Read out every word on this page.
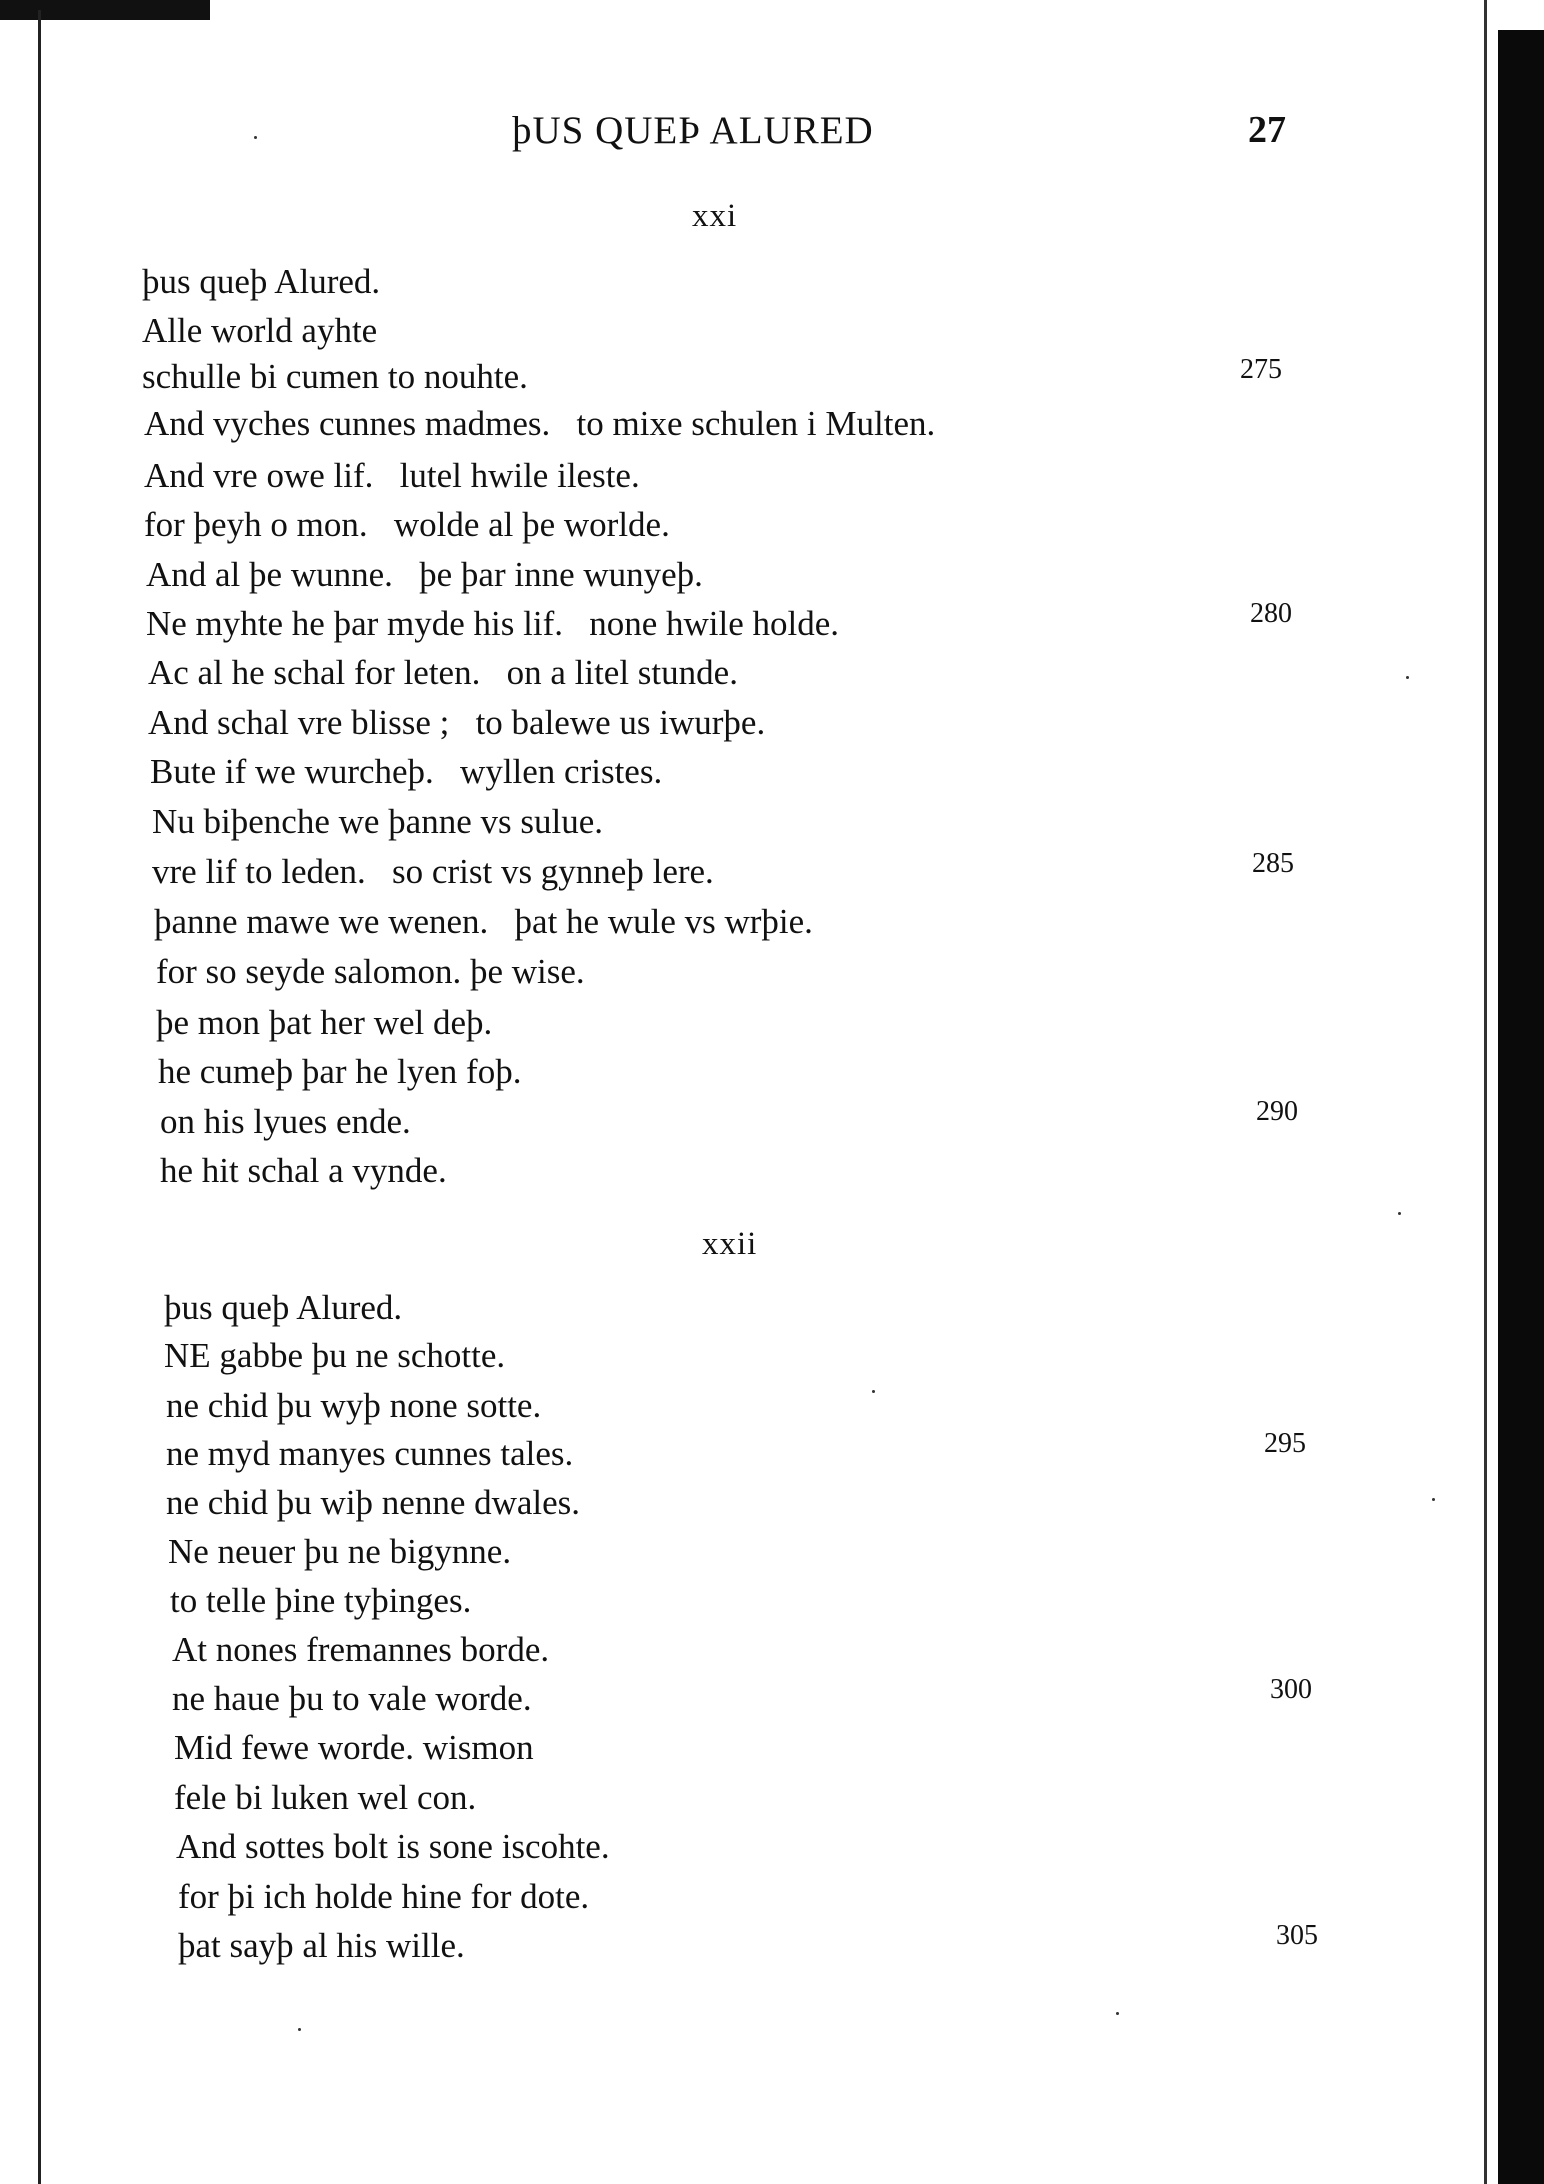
þUS QUEÞ ALURED	27
xxi
þus queþ Alured.
Alle world ayhte
schulle bi cumen to nouhte.
And vyches cunnes madmes.   to mixe schulen i Multen.
And vre owe lif.   lutel hwile ileste.
for þeyh o mon.   wolde al þe worlde.
And al þe wunne.   þe þar inne wunyeþ.
Ne myhte he þar myde his lif.   none hwile holde.
Ac al he schal for leten.   on a litel stunde.
And schal vre blisse ;   to balewe us iwurþe.
Bute if we wurcheþ.   wyllen cristes.
Nu biþenche we þanne vs sulue.
vre lif to leden.   so crist vs gynneþ lere.
þanne mawe we wenen.   þat he wule vs wrþie.
for so seyde salomon. þe wise.
þe mon þat her wel deþ.
he cumeþ þar he lyen foþ.
on his lyues ende.
he hit schal a vynde.
275
280
285
290
xxii
þus queþ Alured.
NE gabbe þu ne schotte.
ne chid þu wyþ none sotte.
ne myd manyes cunnes tales.
ne chid þu wiþ nenne dwales.
Ne neuer þu ne bigynne.
to telle þine tyþinges.
At nones fremannes borde.
ne haue þu to vale worde.
Mid fewe worde. wismon
fele bi luken wel con.
And sottes bolt is sone iscohte.
for þi ich holde hine for dote.
þat sayþ al his wille.
295
300
305
